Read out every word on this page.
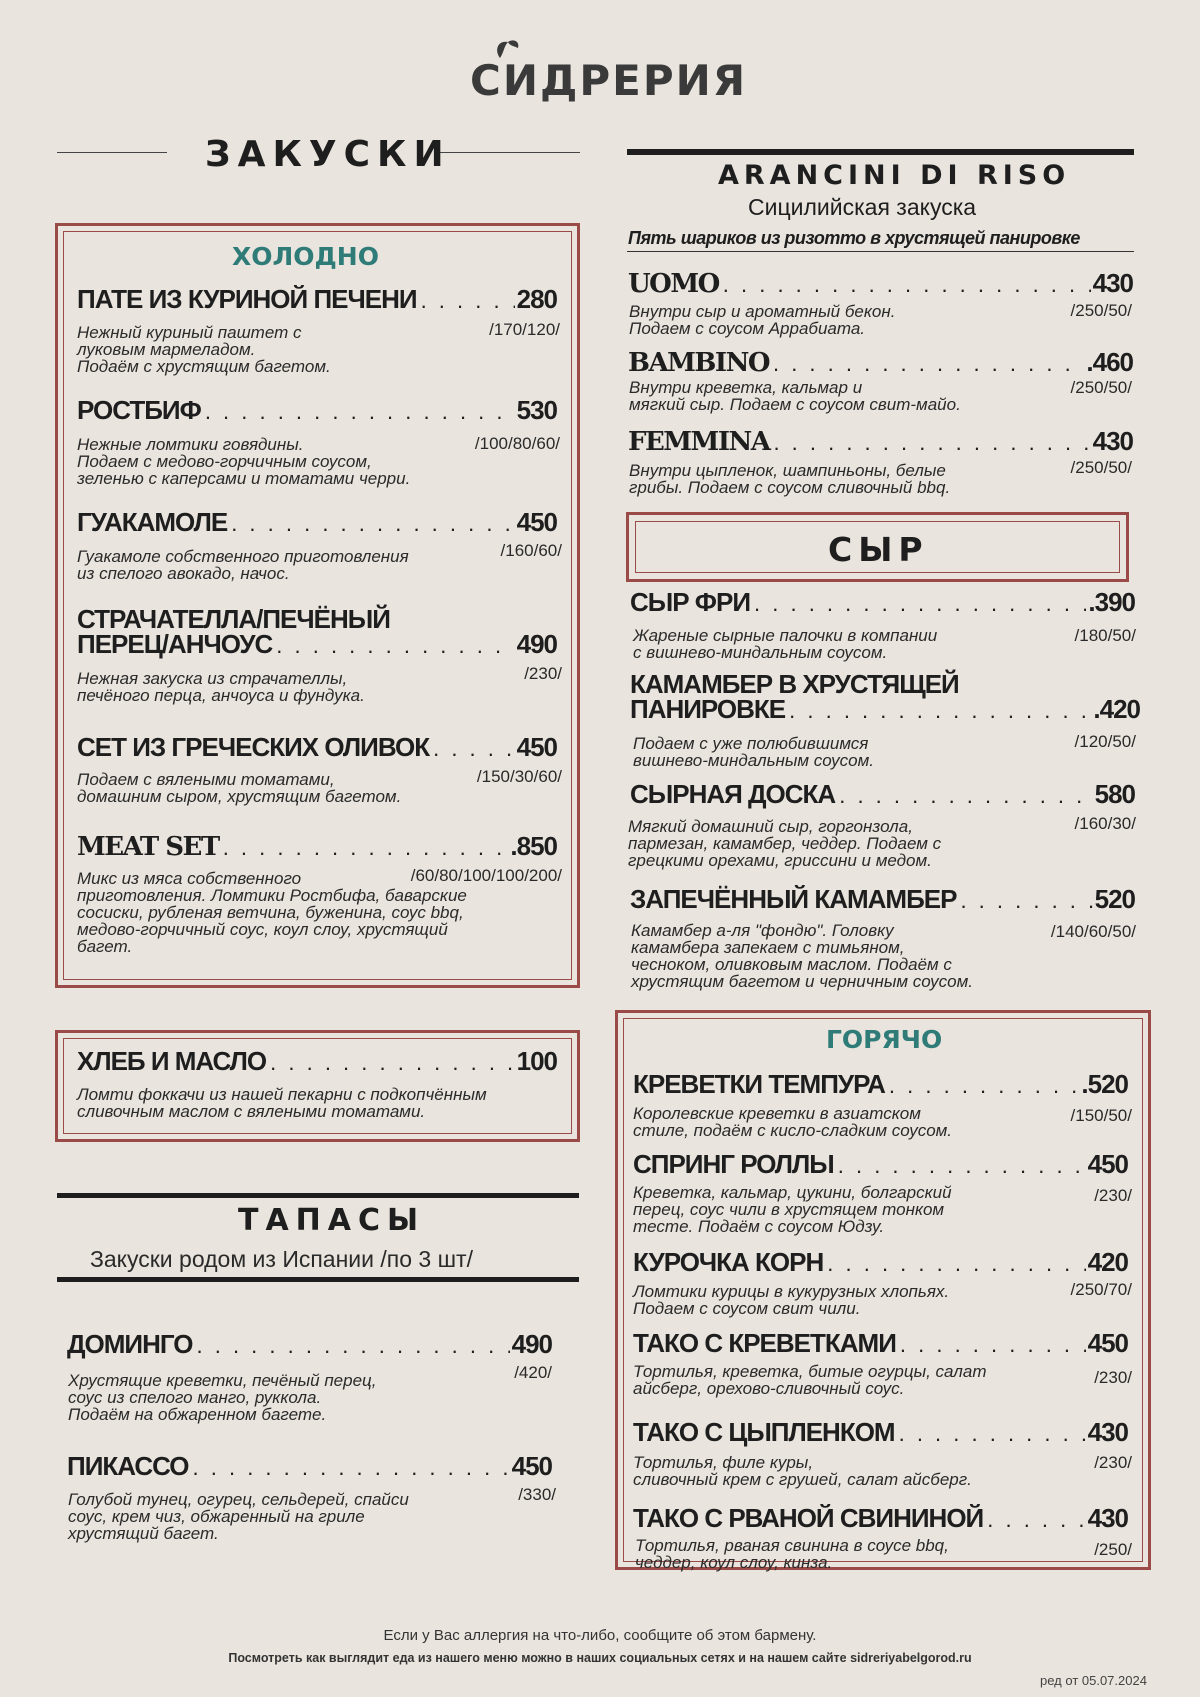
СИДРЕРИЯ
ЗАКУСКИ
ХОЛОДНО
ПАТЕ ИЗ КУРИНОЙ ПЕЧЕНИ . . .	280
/170/120/
Нежный куриный паштет с
луковым мармеладом.
Подаём с хрустящим багетом.
РОСТБИФ . . .	530
/100/80/60/
Нежные ломтики говядины.
Подаем с медово-горчичным соусом,
зеленью с каперсами и томатами черри.
ГУАКАМОЛЕ . . .	450
/160/60/
Гуакамоле собственного приготовления
из спелого авокадо, начос.
СТРАЧАТЕЛЛА/ПЕЧЁНЫЙ
ПЕРЕЦ/АНЧОУС . . .	490
/230/
Нежная закуска из страчателлы,
печёного перца, анчоуса и фундука.
СЕТ ИЗ ГРЕЧЕСКИХ ОЛИВОК . . .	450
/150/30/60/
Подаем с вялеными томатами,
домашним сыром, хрустящим багетом.
MEAT SET . . .	.850
/60/80/100/100/200/
Микс из мяса собственного
приготовления. Ломтики Ростбифа, баварские
сосиски, рубленая ветчина, буженина, соус bbq,
медово-горчичный соус, коул слоу, хрустящий
багет.
ХЛЕБ И МАСЛО . . .	100
Ломти фоккачи из нашей пекарни с подкопчённым
сливочным маслом с вялеными томатами.
ТАПАСЫ
Закуски родом из Испании /по 3 шт/
ДОМИНГО . . .	490
/420/
Хрустящие креветки, печёный перец,
соус из спелого манго, руккола.
Подаём на обжаренном багете.
ПИКАССО . . .	450
/330/
Голубой тунец, огурец, сельдерей, спайси
соус, крем чиз, обжаренный на гриле
хрустящий багет.
ARANCINI DI RISO
Сицилийская закуска
Пять шариков из ризотто в хрустящей панировке
UOMO . . .	430
/250/50/
Внутри сыр и ароматный бекон.
Подаем с соусом Аррабиата.
BAMBINO . . .	.460
/250/50/
Внутри креветка, кальмар и
мягкий сыр. Подаем с соусом свит-майо.
FEMMINA . . .	430
/250/50/
Внутри цыпленок, шампиньоны, белые
грибы. Подаем с соусом сливочный bbq.
СЫР
СЫР ФРИ . . .	.390
/180/50/
Жареные сырные палочки в компании
с вишнево-миндальным соусом.
КАМАМБЕР В ХРУСТЯЩЕЙ
ПАНИРОВКЕ . . .	.420
/120/50/
Подаем с уже полюбившимся
вишнево-миндальным соусом.
СЫРНАЯ ДОСКА . . .	580
/160/30/
Мягкий домашний сыр, горгонзола,
пармезан, камамбер, чеддер. Подаем с
грецкими орехами, гриссини и медом.
ЗАПЕЧЁННЫЙ КАМАМБЕР . . .	520
/140/60/50/
Камамбер а-ля "фондю". Головку
камамбера запекаем с тимьяном,
чесноком, оливковым маслом. Подаём с
хрустящим багетом и черничным соусом.
ГОРЯЧО
КРЕВЕТКИ ТЕМПУРА . . .	.520
/150/50/
Королевские креветки в азиатском
стиле, подаём с кисло-сладким соусом.
СПРИНГ РОЛЛЫ . . .	450
/230/
Креветка, кальмар, цукини, болгарский
перец, соус чили в хрустящем тонком
тесте. Подаём с соусом Юдзу.
КУРОЧКА КОРН . . .	420
/250/70/
Ломтики курицы в кукурузных хлопьях.
Подаем с соусом свит чили.
ТАКО С КРЕВЕТКАМИ . . .	450
/230/
Тортилья, креветка, битые огурцы, салат
айсберг, орехово-сливочный соус.
ТАКО С ЦЫПЛЕНКОМ . . .	430
/230/
Тортилья, филе куры,
сливочный крем с грушей, салат айсберг.
ТАКО С РВАНОЙ СВИНИНОЙ . . .	430
/250/
Тортилья, рваная свинина в соусе bbq,
чеддер, коул слоу, кинза.
Если у Вас аллергия на что-либо, сообщите об этом бармену.
Посмотреть как выглядит еда из нашего меню можно в наших социальных сетях и на нашем сайте sidreriyabelgorod.ru
ред от 05.07.2024
